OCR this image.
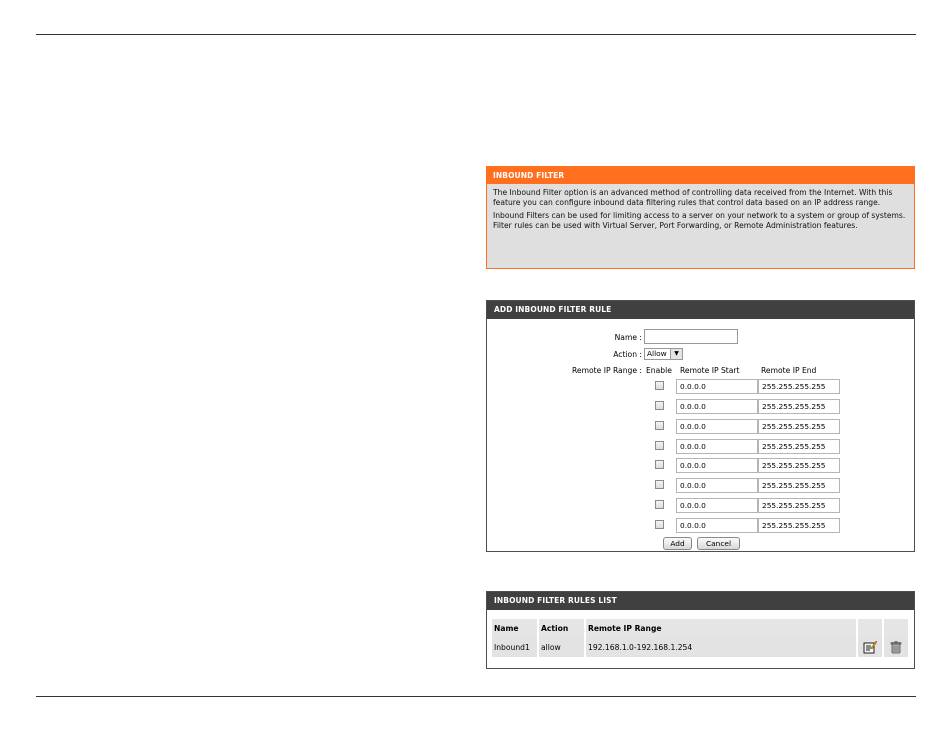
INBOUND FILTER

The Inbound Filter option is an advanced method of controlling data received from the Internet. With this feature you can configure inbound data filtering rules that control data based on an IP address range.

Inbound Filters can be used for limiting access to a server on your network to a system or group of systems. Filter rules can be used with Virtual Server, Port Forwarding, or Remote Administration features.

ADD INBOUND FILTER RULE
Name :
Action : Allow	▼
Remote IP Range : Enable Remote IP Start	Remote IP End
0.0.0.0	255.255.255.255
0.0.0.0	255.255.255.255
0.0.0.0	255.255.255.255
0.0.0.0	255.255.255.255
0.0.0.0	255.255.255.255
0.0.0.0	255.255.255.255
0.0.0.0	255.255.255.255
0.0.0.0	255.255.255.255
Add	Cancel
INBOUND FILTER RULES LIST
Name	Action	Remote IP Range		
Inbound1	allow	192.168.1.0-192.168.1.254		
